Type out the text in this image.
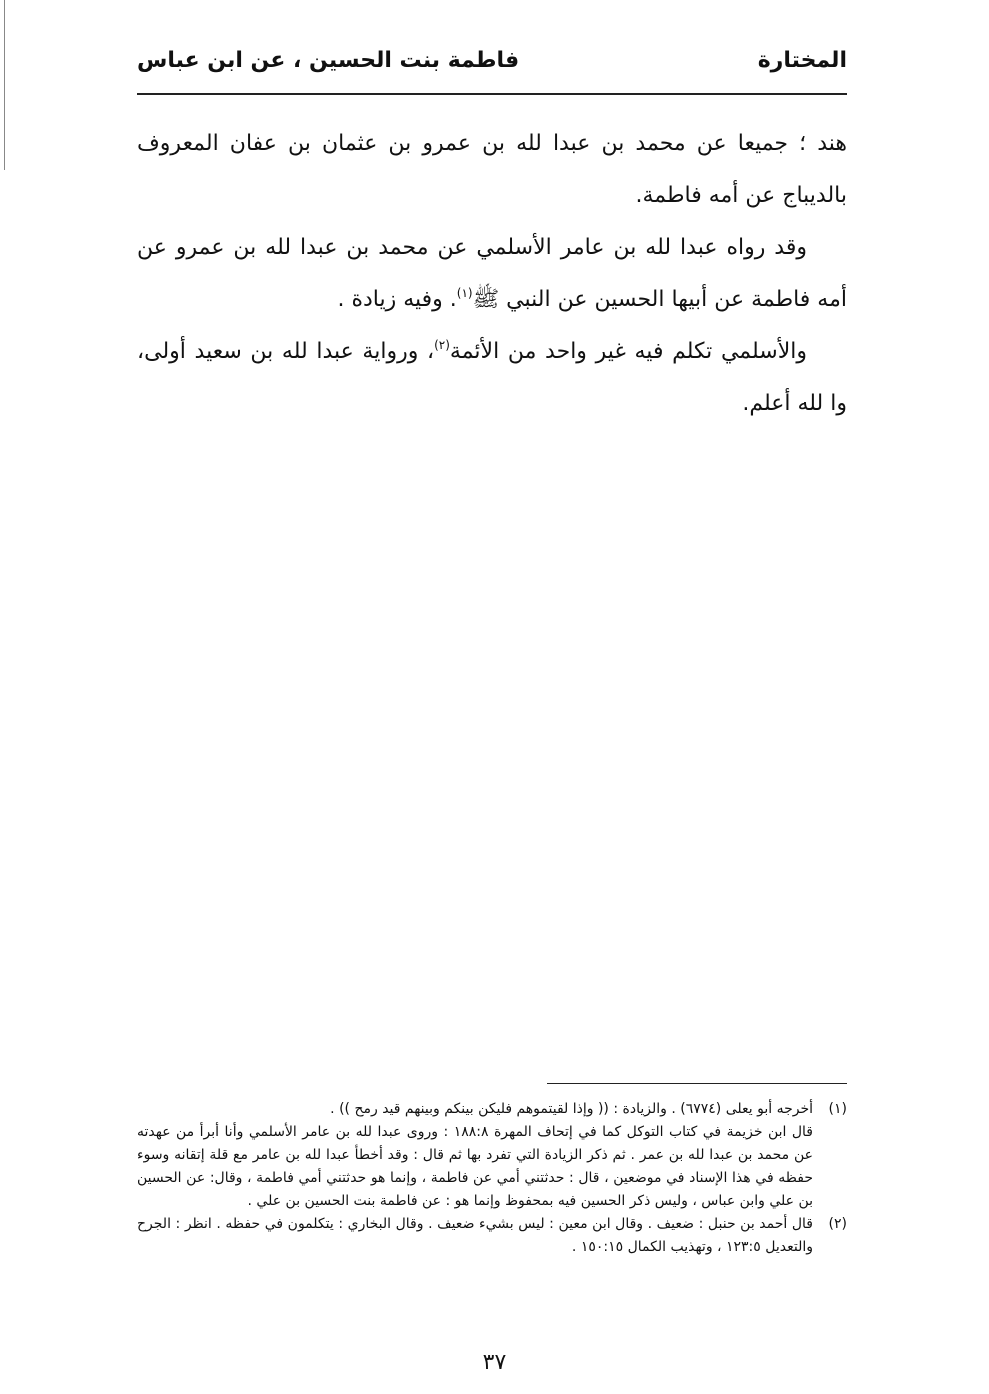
المختارة
فاطمة بنت الحسين ، عن ابن عباس

هند ؛ جميعا عن محمد بن عبدا لله بن عمرو بن عثمان بن عفان المعروف بالديباج عن أمه فاطمة.

وقد رواه عبدا لله بن عامر الأسلمي عن محمد بن عبدا لله بن عمرو عن أمه فاطمة عن أبيها الحسين عن النبي ﷺ$^{(١)}$. وفيه زيادة .

والأسلمي تكلم فيه غير واحد من الأئمة$^{(٢)}$، ورواية عبدا لله بن سعيد أولى، وا لله أعلم.

(١)
أخرجه أبو يعلى (٦٧٧٤) . والزيادة : (( وإذا لقيتموهم فليكن بينكم وبينهم قيد رمح )) .
قال ابن خزيمة في كتاب التوكل كما في إتحاف المهرة ١٨٨:٨ : وروى عبدا لله بن عامر الأسلمي وأنا أبرأ من عهدته عن محمد بن عبدا لله بن عمر . ثم ذكر الزيادة التي تفرد بها ثم قال : وقد أخطأ عبدا لله بن عامر مع قلة إتقانه وسوء حفظه في هذا الإسناد في موضعين ، قال : حدثتني أمي عن فاطمة ، وإنما هو حدثتني أمي فاطمة ، وقال: عن الحسين بن علي وابن عباس ، وليس ذكر الحسين فيه بمحفوظ وإنما هو : عن فاطمة بنت الحسين بن علي .
(٢)
قال أحمد بن حنبل : ضعيف . وقال ابن معين : ليس بشيء ضعيف . وقال البخاري : يتكلمون في حفظه . انظر : الجرح والتعديل ١٢٣:٥ ، وتهذيب الكمال ١٥٠:١٥ .
٣٧
